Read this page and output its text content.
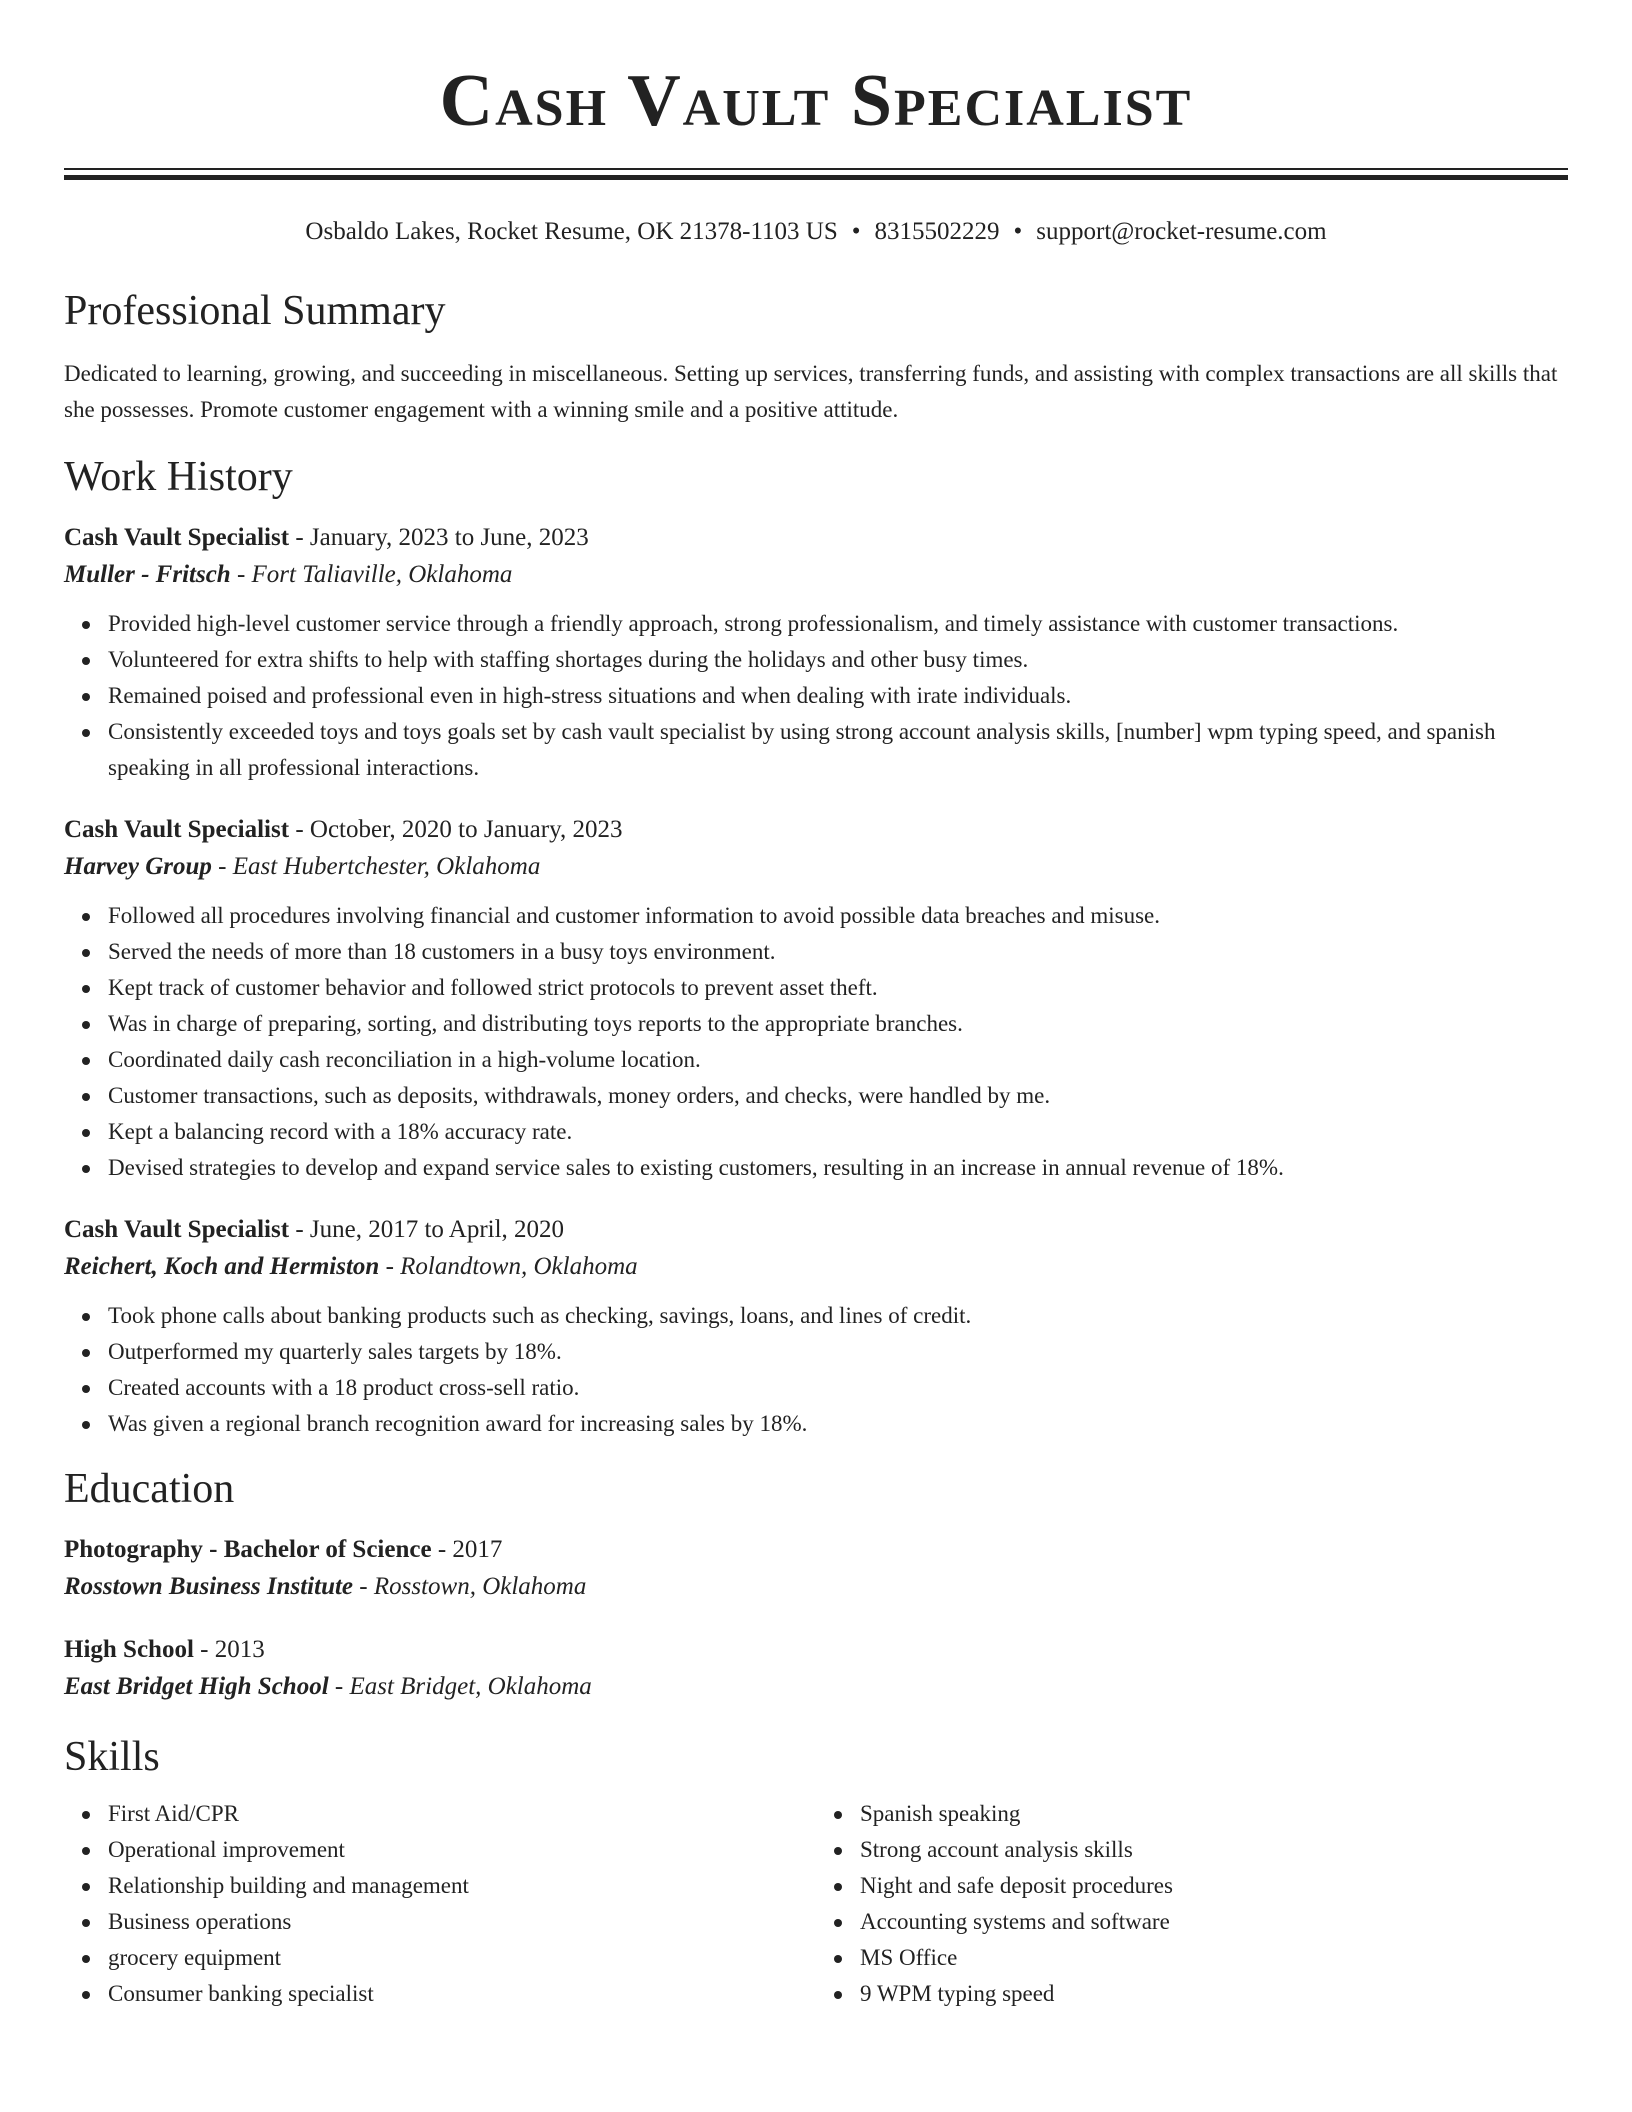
Cash Vault Specialist
Osbaldo Lakes, Rocket Resume, OK 21378-1103 US • 8315502229 • support@rocket-resume.com
Professional Summary

Dedicated to learning, growing, and succeeding in miscellaneous. Setting up services, transferring funds, and assisting with complex transactions are all skills that she possesses. Promote customer engagement with a winning smile and a positive attitude.

Work History
Cash Vault Specialist - January, 2023 to June, 2023
Muller - Fritsch - Fort Taliaville, Oklahoma
Provided high-level customer service through a friendly approach, strong professionalism, and timely assistance with customer transactions.
Volunteered for extra shifts to help with staffing shortages during the holidays and other busy times.
Remained poised and professional even in high-stress situations and when dealing with irate individuals.
Consistently exceeded toys and toys goals set by cash vault specialist by using strong account analysis skills, [number] wpm typing speed, and spanish speaking in all professional interactions.
Cash Vault Specialist - October, 2020 to January, 2023
Harvey Group - East Hubertchester, Oklahoma
Followed all procedures involving financial and customer information to avoid possible data breaches and misuse.
Served the needs of more than 18 customers in a busy toys environment.
Kept track of customer behavior and followed strict protocols to prevent asset theft.
Was in charge of preparing, sorting, and distributing toys reports to the appropriate branches.
Coordinated daily cash reconciliation in a high-volume location.
Customer transactions, such as deposits, withdrawals, money orders, and checks, were handled by me.
Kept a balancing record with a 18% accuracy rate.
Devised strategies to develop and expand service sales to existing customers, resulting in an increase in annual revenue of 18%.
Cash Vault Specialist - June, 2017 to April, 2020
Reichert, Koch and Hermiston - Rolandtown, Oklahoma
Took phone calls about banking products such as checking, savings, loans, and lines of credit.
Outperformed my quarterly sales targets by 18%.
Created accounts with a 18 product cross-sell ratio.
Was given a regional branch recognition award for increasing sales by 18%.
Education
Photography - Bachelor of Science - 2017
Rosstown Business Institute - Rosstown, Oklahoma
High School - 2013
East Bridget High School - East Bridget, Oklahoma
Skills
First Aid/CPR
Operational improvement
Relationship building and management
Business operations
grocery equipment
Consumer banking specialist
Spanish speaking
Strong account analysis skills
Night and safe deposit procedures
Accounting systems and software
MS Office
9 WPM typing speed
